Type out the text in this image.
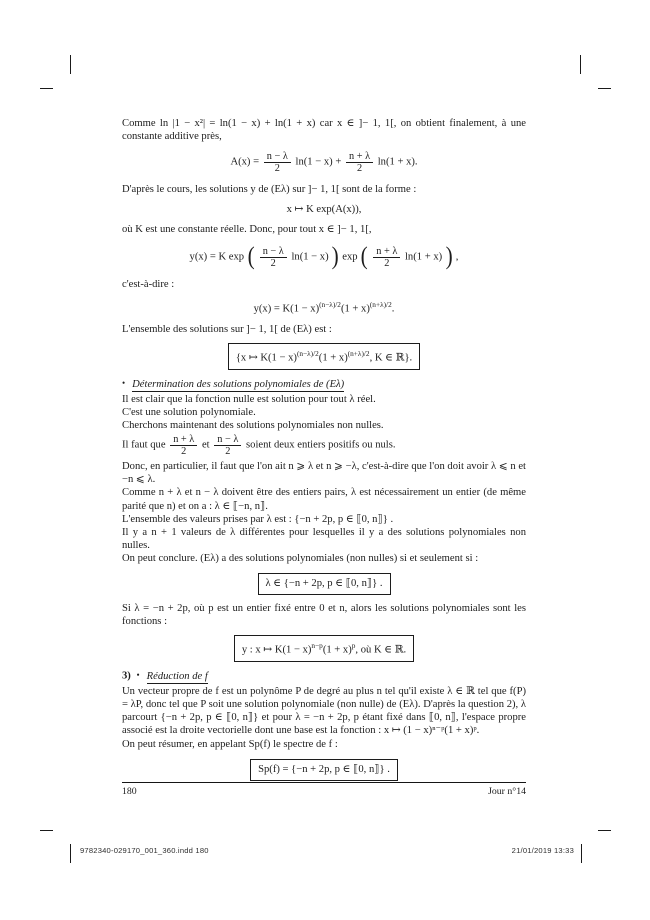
Comme ln |1 − x²| = ln(1 − x) + ln(1 + x) car x ∈ ]− 1, 1[, on obtient finalement, à une constante additive près,

$A(x) = \frac{n - \lambda}{2} \ln(1 - x) + \frac{n + \lambda}{2} \ln(1 + x)$.

D'après le cours, les solutions y de (Eλ) sur ]− 1, 1[ sont de la forme :

x ↦ K exp(A(x)),

où K est une constante réelle. Donc, pour tout x ∈ ]− 1, 1[,

y(x) = K exp ( $\frac{n - \lambda}{2} \ln(1 - x)$ ) exp ( $\frac{n + \lambda}{2} \ln(1 + x)$ ) ,

c'est-à-dire :

$y(x) = K(1 - x)^{(n-\lambda)/2}(1 + x)^{(n+\lambda)/2}$.

L'ensemble des solutions sur ]− 1, 1[ de (Eλ) est :

{x ↦ $K(1 - x)^{(n-\lambda)/2}(1 + x)^{(n+\lambda)/2}$, K ∈ ℝ}.

• Détermination des solutions polynomiales de (Eλ)

Il est clair que la fonction nulle est solution pour tout λ réel.

C'est une solution polynomiale.

Cherchons maintenant des solutions polynomiales non nulles.

Il faut que $\frac{n + \lambda}{2}$ et $\frac{n - \lambda}{2}$ soient deux entiers positifs ou nuls.

Donc, en particulier, il faut que l'on ait n ⩾ λ et n ⩾ −λ, c'est-à-dire que l'on doit avoir λ ⩽ n et −n ⩽ λ.

Comme n + λ et n − λ doivent être des entiers pairs, λ est nécessairement un entier (de même parité que n) et on a : λ ∈ ⟦−n, n⟧.

L'ensemble des valeurs prises par λ est : {−n + 2p, p ∈ ⟦0, n⟧} .

Il y a n + 1 valeurs de λ différentes pour lesquelles il y a des solutions polynomiales non nulles.

On peut conclure. (Eλ) a des solutions polynomiales (non nulles) si et seulement si :

λ ∈ {−n + 2p, p ∈ ⟦0, n⟧} .

Si λ = −n + 2p, où p est un entier fixé entre 0 et n, alors les solutions polynomiales sont les fonctions :

y : x ↦ $K(1 - x)^{n-p}(1 + x)^p$, où K ∈ ℝ.

3) • Réduction de f

Un vecteur propre de f est un polynôme P de degré au plus n tel qu'il existe λ ∈ ℝ tel que f(P) = λP, donc tel que P soit une solution polynomiale (non nulle) de (Eλ). D'après la question 2), λ parcourt {−n + 2p, p ∈ ⟦0, n⟧} et pour λ = −n + 2p, p étant fixé dans ⟦0, n⟧, l'espace propre associé est la droite vectorielle dont une base est la fonction : x ↦ (1 − x)ⁿ⁻ᵖ(1 + x)ᵖ.

On peut résumer, en appelant Sp(f) le spectre de f :

Sp(f) = {−n + 2p, p ∈ ⟦0, n⟧} .
180	Jour n°14
9782340-029170_001_360.indd 180	21/01/2019 13:33
